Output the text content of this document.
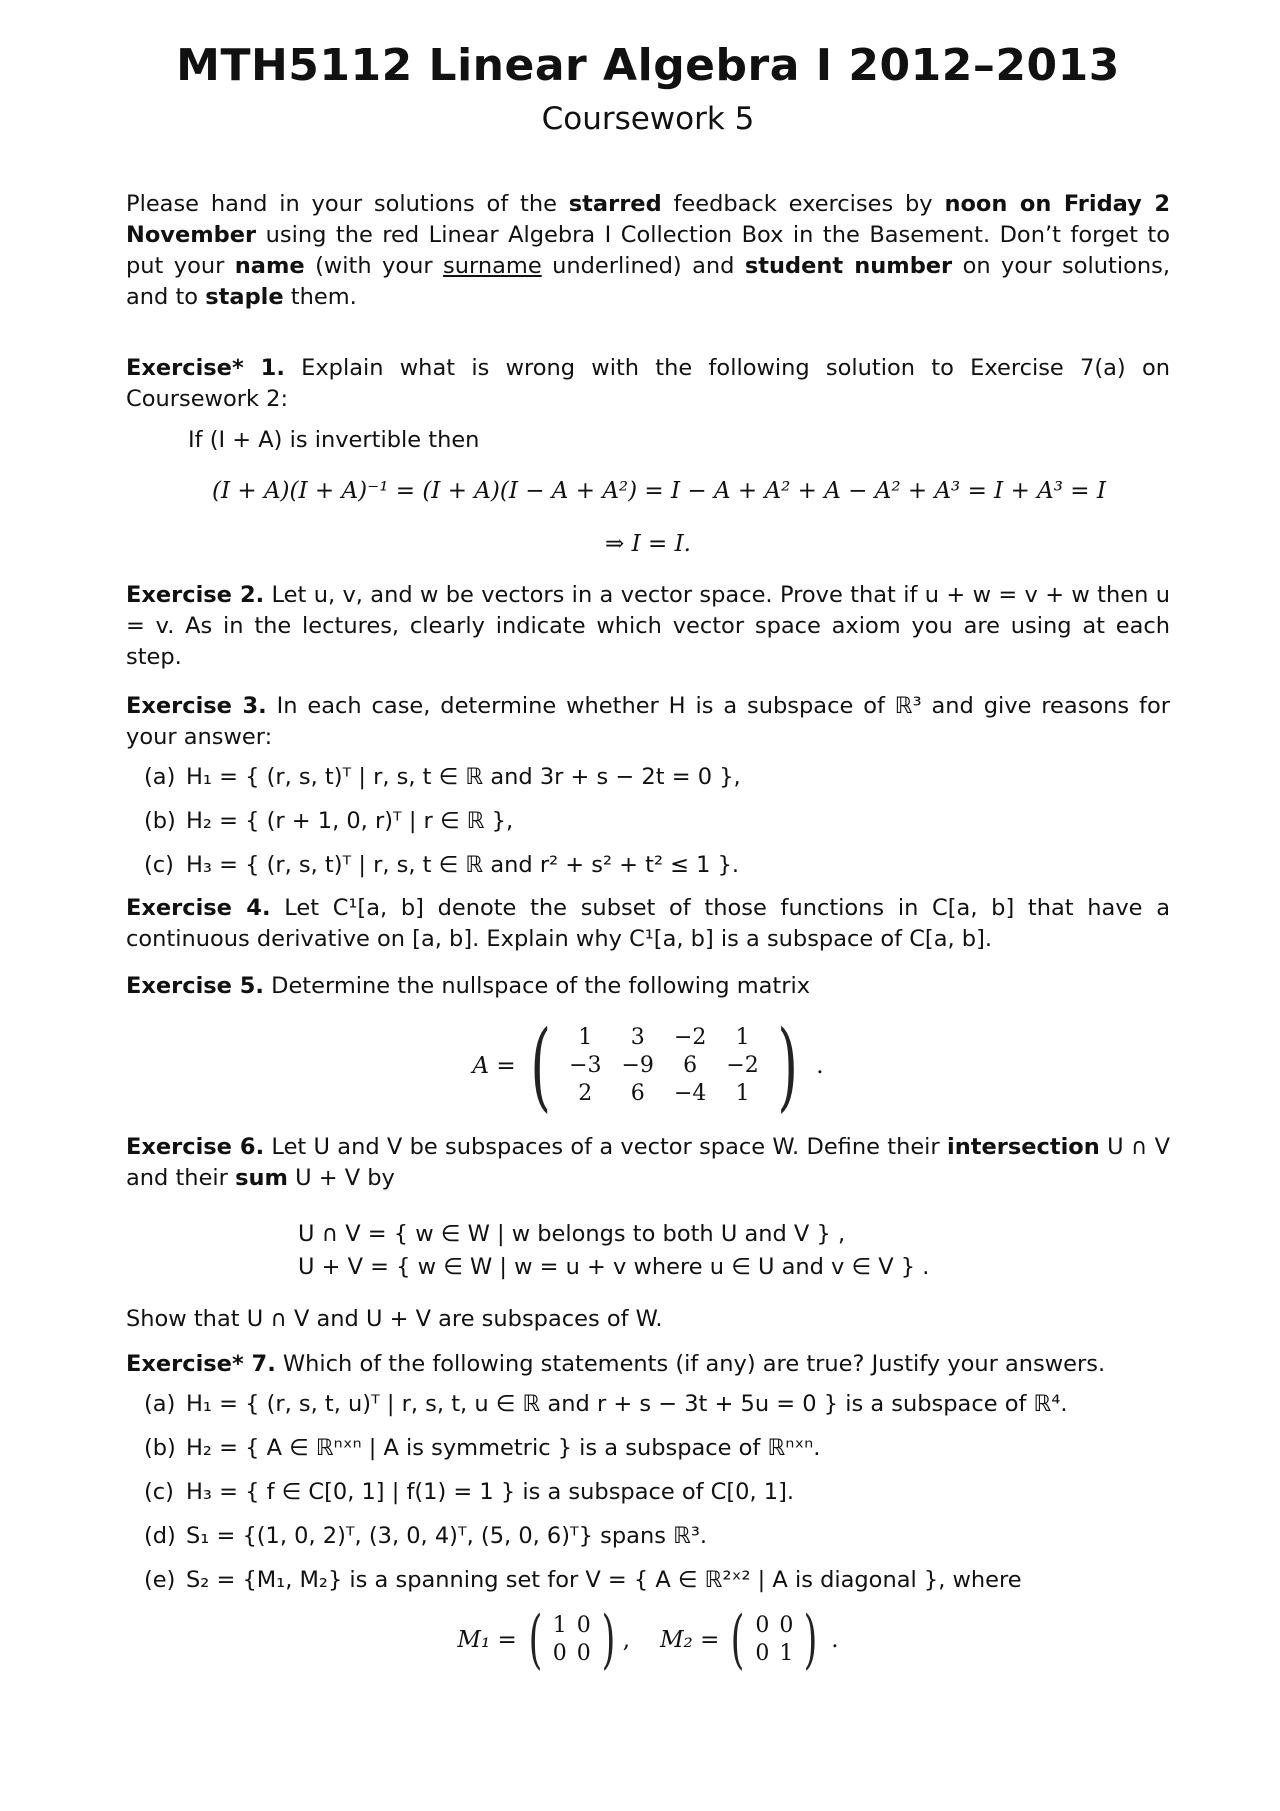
MTH5112 Linear Algebra I 2012–2013
Coursework 5

Please hand in your solutions of the starred feedback exercises by noon on Friday 2 November using the red Linear Algebra I Collection Box in the Basement. Don’t forget to put your name (with your surname underlined) and student number on your solutions, and to staple them.

Exercise* 1. Explain what is wrong with the following solution to Exercise 7(a) on Coursework 2:

If (I + A) is invertible then

(I + A)(I + A)⁻¹ = (I + A)(I − A + A²) = I − A + A² + A − A² + A³ = I + A³ = I
⇒ I = I.

Exercise 2. Let u, v, and w be vectors in a vector space. Prove that if u + w = v + w then u = v. As in the lectures, clearly indicate which vector space axiom you are using at each step.

Exercise 3. In each case, determine whether H is a subspace of ℝ³ and give reasons for your answer:

(a) H₁ = { (r, s, t)ᵀ | r, s, t ∈ ℝ and 3r + s − 2t = 0 },
(b) H₂ = { (r + 1, 0, r)ᵀ | r ∈ ℝ },
(c) H₃ = { (r, s, t)ᵀ | r, s, t ∈ ℝ and r² + s² + t² ≤ 1 }.

Exercise 4. Let C¹[a, b] denote the subset of those functions in C[a, b] that have a continuous derivative on [a, b]. Explain why C¹[a, b] is a subspace of C[a, b].

Exercise 5. Determine the nullspace of the following matrix

A = ( 1	3	−2	1
−3	−9	6	−2
2	6	−4	1 ) .

Exercise 6. Let U and V be subspaces of a vector space W. Define their intersection U ∩ V and their sum U + V by

U ∩ V = { w ∈ W | w belongs to both U and V } ,
U + V = { w ∈ W | w = u + v where u ∈ U and v ∈ V } .

Show that U ∩ V and U + V are subspaces of W.

Exercise* 7. Which of the following statements (if any) are true? Justify your answers.

(a) H₁ = { (r, s, t, u)ᵀ | r, s, t, u ∈ ℝ and r + s − 3t + 5u = 0 } is a subspace of ℝ⁴.
(b) H₂ = { A ∈ ℝⁿˣⁿ | A is symmetric } is a subspace of ℝⁿˣⁿ.
(c) H₃ = { f ∈ C[0, 1] | f(1) = 1 } is a subspace of C[0, 1].
(d) S₁ = {(1, 0, 2)ᵀ, (3, 0, 4)ᵀ, (5, 0, 6)ᵀ} spans ℝ³.
(e) S₂ = {M₁, M₂} is a spanning set for V = { A ∈ ℝ²ˣ² | A is diagonal }, where
M₁ = ( 1	0
0	0 ) , M₂ = ( 0	0
0	1 ) .
